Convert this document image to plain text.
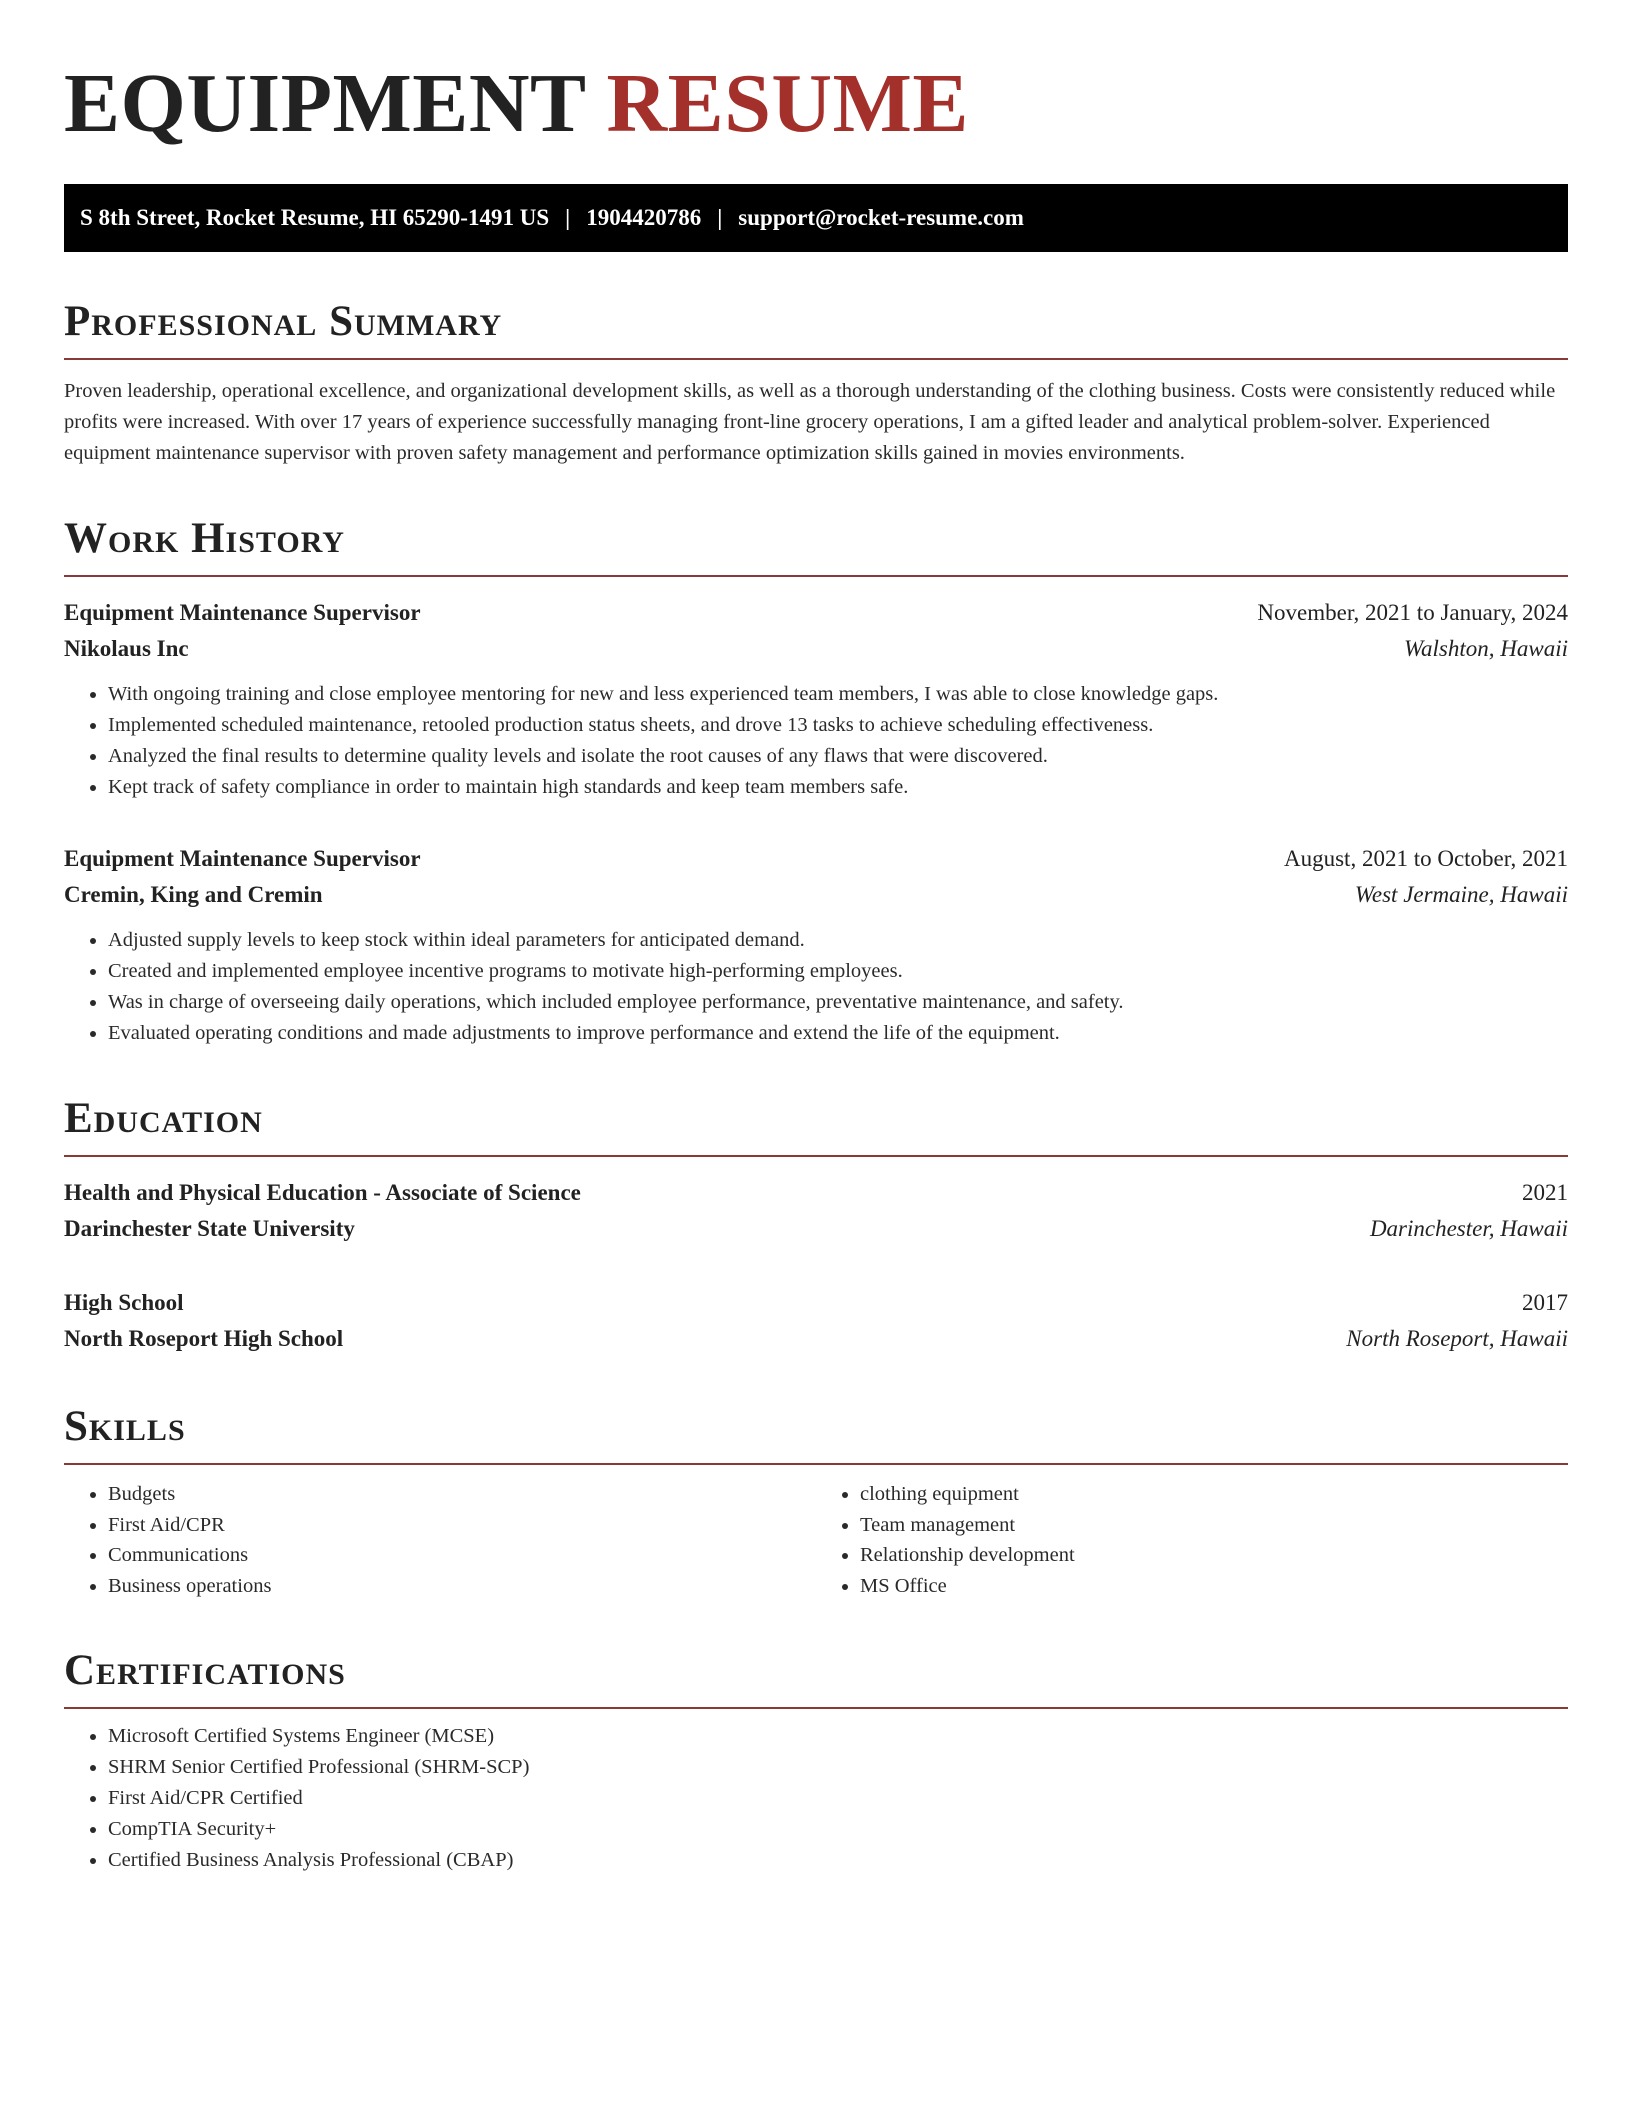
EQUIPMENT RESUME
S 8th Street, Rocket Resume, HI 65290-1491 US | 1904420786 | support@rocket-resume.com
Professional Summary

Proven leadership, operational excellence, and organizational development skills, as well as a thorough understanding of the clothing business. Costs were consistently reduced while profits were increased. With over 17 years of experience successfully managing front-line grocery operations, I am a gifted leader and analytical problem-solver. Experienced equipment maintenance supervisor with proven safety management and performance optimization skills gained in movies environments.

Work History
Equipment Maintenance Supervisor	November, 2021 to January, 2024
Nikolaus Inc	Walshton, Hawaii
• With ongoing training and close employee mentoring for new and less experienced team members, I was able to close knowledge gaps.
• Implemented scheduled maintenance, retooled production status sheets, and drove 13 tasks to achieve scheduling effectiveness.
• Analyzed the final results to determine quality levels and isolate the root causes of any flaws that were discovered.
• Kept track of safety compliance in order to maintain high standards and keep team members safe.
Equipment Maintenance Supervisor	August, 2021 to October, 2021
Cremin, King and Cremin	West Jermaine, Hawaii
• Adjusted supply levels to keep stock within ideal parameters for anticipated demand.
• Created and implemented employee incentive programs to motivate high-performing employees.
• Was in charge of overseeing daily operations, which included employee performance, preventative maintenance, and safety.
• Evaluated operating conditions and made adjustments to improve performance and extend the life of the equipment.
Education
Health and Physical Education - Associate of Science	2021
Darinchester State University	Darinchester, Hawaii
High School	2017
North Roseport High School	North Roseport, Hawaii
Skills
• Budgets
• First Aid/CPR
• Communications
• Business operations
• clothing equipment
• Team management
• Relationship development
• MS Office
Certifications
• Microsoft Certified Systems Engineer (MCSE)
• SHRM Senior Certified Professional (SHRM-SCP)
• First Aid/CPR Certified
• CompTIA Security+
• Certified Business Analysis Professional (CBAP)
